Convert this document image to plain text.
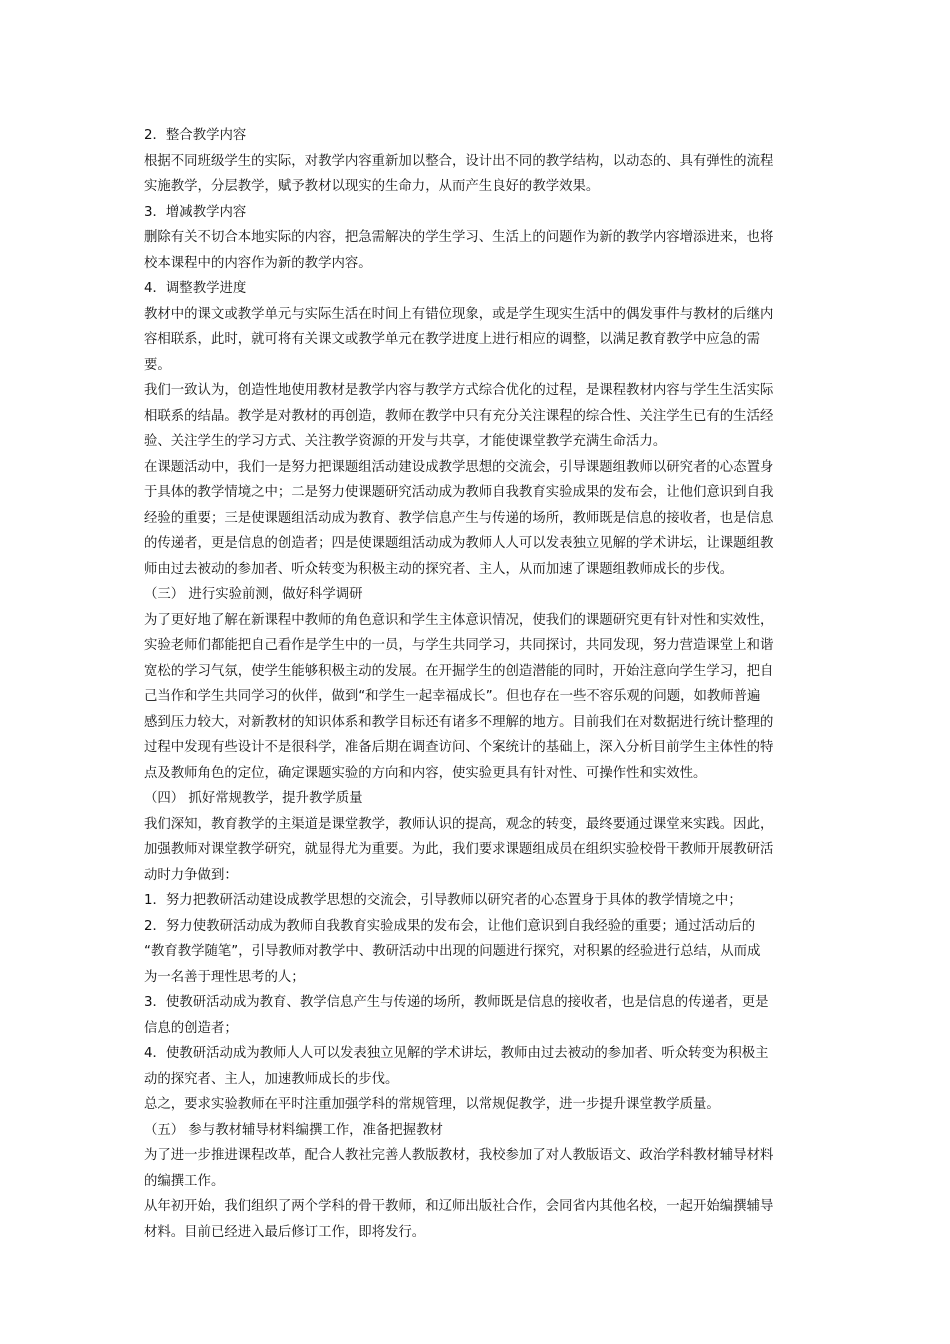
2．整合教学内容
根据不同班级学生的实际，对教学内容重新加以整合，设计出不同的教学结构，以动态的、具有弹性的流程
实施教学，分层教学，赋予教材以现实的生命力，从而产生良好的教学效果。
3．增减教学内容
删除有关不切合本地实际的内容，把急需解决的学生学习、生活上的问题作为新的教学内容增添进来，也将
校本课程中的内容作为新的教学内容。
4．调整教学进度
教材中的课文或教学单元与实际生活在时间上有错位现象，或是学生现实生活中的偶发事件与教材的后继内
容相联系，此时，就可将有关课文或教学单元在教学进度上进行相应的调整，以满足教育教学中应急的需
要。
我们一致认为，创造性地使用教材是教学内容与教学方式综合优化的过程，是课程教材内容与学生生活实际
相联系的结晶。教学是对教材的再创造，教师在教学中只有充分关注课程的综合性、关注学生已有的生活经
验、关注学生的学习方式、关注教学资源的开发与共享，才能使课堂教学充满生命活力。
在课题活动中，我们一是努力把课题组活动建设成教学思想的交流会，引导课题组教师以研究者的心态置身
于具体的教学情境之中；二是努力使课题研究活动成为教师自我教育实验成果的发布会，让他们意识到自我
经验的重要；三是使课题组活动成为教育、教学信息产生与传递的场所，教师既是信息的接收者，也是信息
的传递者，更是信息的创造者；四是使课题组活动成为教师人人可以发表独立见解的学术讲坛，让课题组教
师由过去被动的参加者、听众转变为积极主动的探究者、主人，从而加速了课题组教师成长的步伐。
（三） 进行实验前测，做好科学调研
为了更好地了解在新课程中教师的角色意识和学生主体意识情况，使我们的课题研究更有针对性和实效性，
实验老师们都能把自己看作是学生中的一员，与学生共同学习，共同探讨，共同发现，努力营造课堂上和谐
宽松的学习气氛，使学生能够积极主动的发展。在开掘学生的创造潜能的同时，开始注意向学生学习，把自
己当作和学生共同学习的伙伴，做到“和学生一起幸福成长”。但也存在一些不容乐观的问题，如教师普遍
感到压力较大，对新教材的知识体系和教学目标还有诸多不理解的地方。目前我们在对数据进行统计整理的
过程中发现有些设计不是很科学，准备后期在调查访问、个案统计的基础上，深入分析目前学生主体性的特
点及教师角色的定位，确定课题实验的方向和内容，使实验更具有针对性、可操作性和实效性。
（四） 抓好常规教学，提升教学质量
我们深知，教育教学的主渠道是课堂教学，教师认识的提高，观念的转变，最终要通过课堂来实践。因此，
加强教师对课堂教学研究，就显得尤为重要。为此，我们要求课题组成员在组织实验校骨干教师开展教研活
动时力争做到：
1．努力把教研活动建设成教学思想的交流会，引导教师以研究者的心态置身于具体的教学情境之中；
2．努力使教研活动成为教师自我教育实验成果的发布会，让他们意识到自我经验的重要；通过活动后的
“教育教学随笔”，引导教师对教学中、教研活动中出现的问题进行探究，对积累的经验进行总结，从而成
为一名善于理性思考的人；
3．使教研活动成为教育、教学信息产生与传递的场所，教师既是信息的接收者，也是信息的传递者，更是
信息的创造者；
4．使教研活动成为教师人人可以发表独立见解的学术讲坛，教师由过去被动的参加者、听众转变为积极主
动的探究者、主人，加速教师成长的步伐。
总之，要求实验教师在平时注重加强学科的常规管理，以常规促教学，进一步提升课堂教学质量。
（五） 参与教材辅导材料编撰工作，准备把握教材
为了进一步推进课程改革，配合人教社完善人教版教材，我校参加了对人教版语文、政治学科教材辅导材料
的编撰工作。
从年初开始，我们组织了两个学科的骨干教师，和辽师出版社合作，会同省内其他名校，一起开始编撰辅导
材料。目前已经进入最后修订工作，即将发行。
